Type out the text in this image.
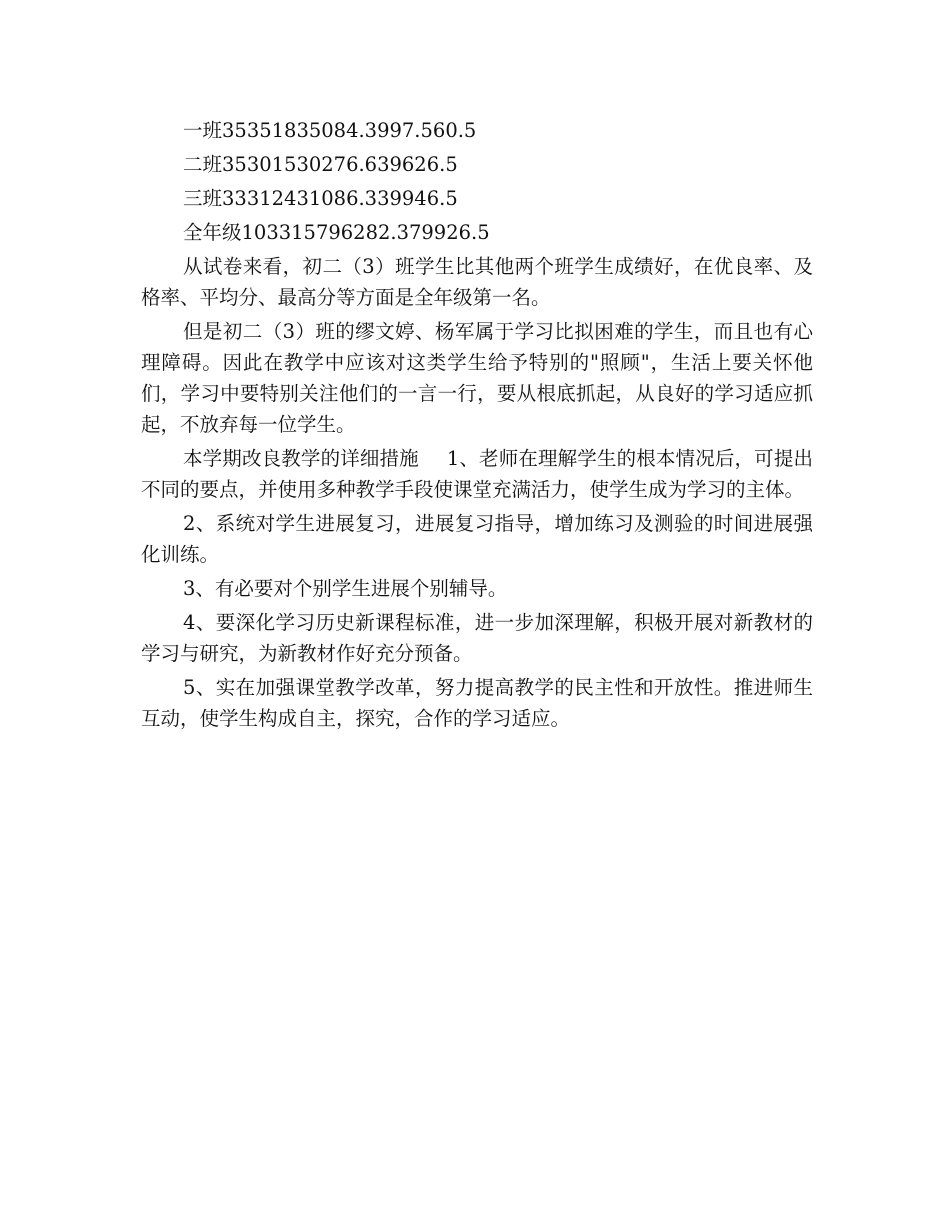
一班35351835084.3997.560.5

二班35301530276.639626.5

三班33312431086.339946.5

全年级103315796282.379926.5

从试卷来看，初二（3）班学生比其他两个班学生成绩好，在优良率、及格率、平均分、最高分等方面是全年级第一名。

但是初二（3）班的缪文婷、杨军属于学习比拟困难的学生，而且也有心理障碍。因此在教学中应该对这类学生给予特别的"照顾"，生活上要关怀他们，学习中要特别关注他们的一言一行，要从根底抓起，从良好的学习适应抓起，不放弃每一位学生。

本学期改良教学的详细措施 1、老师在理解学生的根本情况后，可提出不同的要点，并使用多种教学手段使课堂充满活力，使学生成为学习的主体。

2、系统对学生进展复习，进展复习指导，增加练习及测验的时间进展强化训练。

3、有必要对个别学生进展个别辅导。

4、要深化学习历史新课程标准，进一步加深理解，积极开展对新教材的学习与研究，为新教材作好充分预备。

5、实在加强课堂教学改革，努力提高教学的民主性和开放性。推进师生互动，使学生构成自主，探究，合作的学习适应。
